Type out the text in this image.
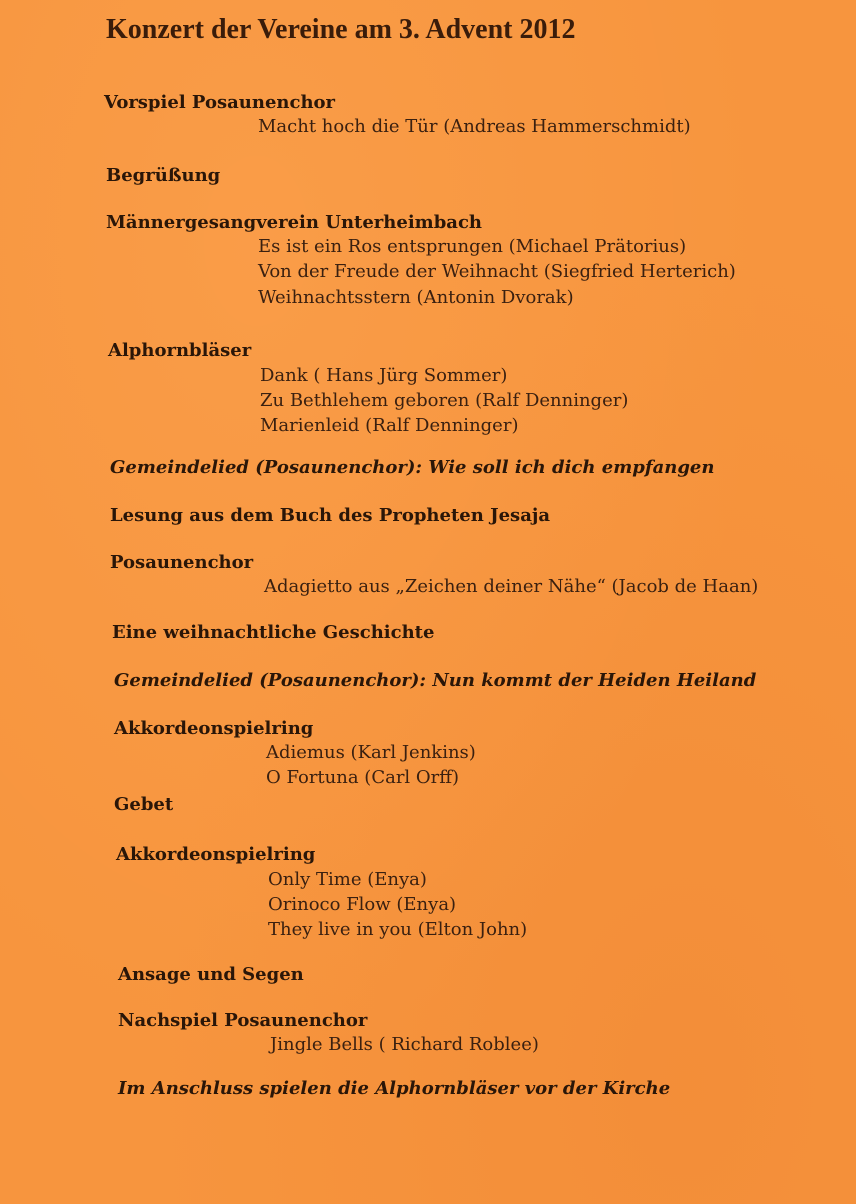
Konzert der Vereine am 3. Advent 2012

Vorspiel Posaunenchor

Macht hoch die Tür (Andreas Hammerschmidt)

Begrüßung

Männergesangverein Unterheimbach

Es ist ein Ros entsprungen (Michael Prätorius)

Von der Freude der Weihnacht (Siegfried Herterich)

Weihnachtsstern (Antonin Dvorak)

Alphornbläser

Dank ( Hans Jürg Sommer)

Zu Bethlehem geboren (Ralf Denninger)

Marienleid (Ralf Denninger)

Gemeindelied (Posaunenchor): Wie soll ich dich empfangen

Lesung aus dem Buch des Propheten Jesaja

Posaunenchor

Adagietto aus „Zeichen deiner Nähe“ (Jacob de Haan)

Eine weihnachtliche Geschichte

Gemeindelied (Posaunenchor): Nun kommt der Heiden Heiland

Akkordeonspielring

Adiemus (Karl Jenkins)

O Fortuna (Carl Orff)

Gebet

Akkordeonspielring

Only Time (Enya)

Orinoco Flow (Enya)

They live in you (Elton John)

Ansage und Segen

Nachspiel Posaunenchor

Jingle Bells ( Richard Roblee)

Im Anschluss spielen die Alphornbläser vor der Kirche
